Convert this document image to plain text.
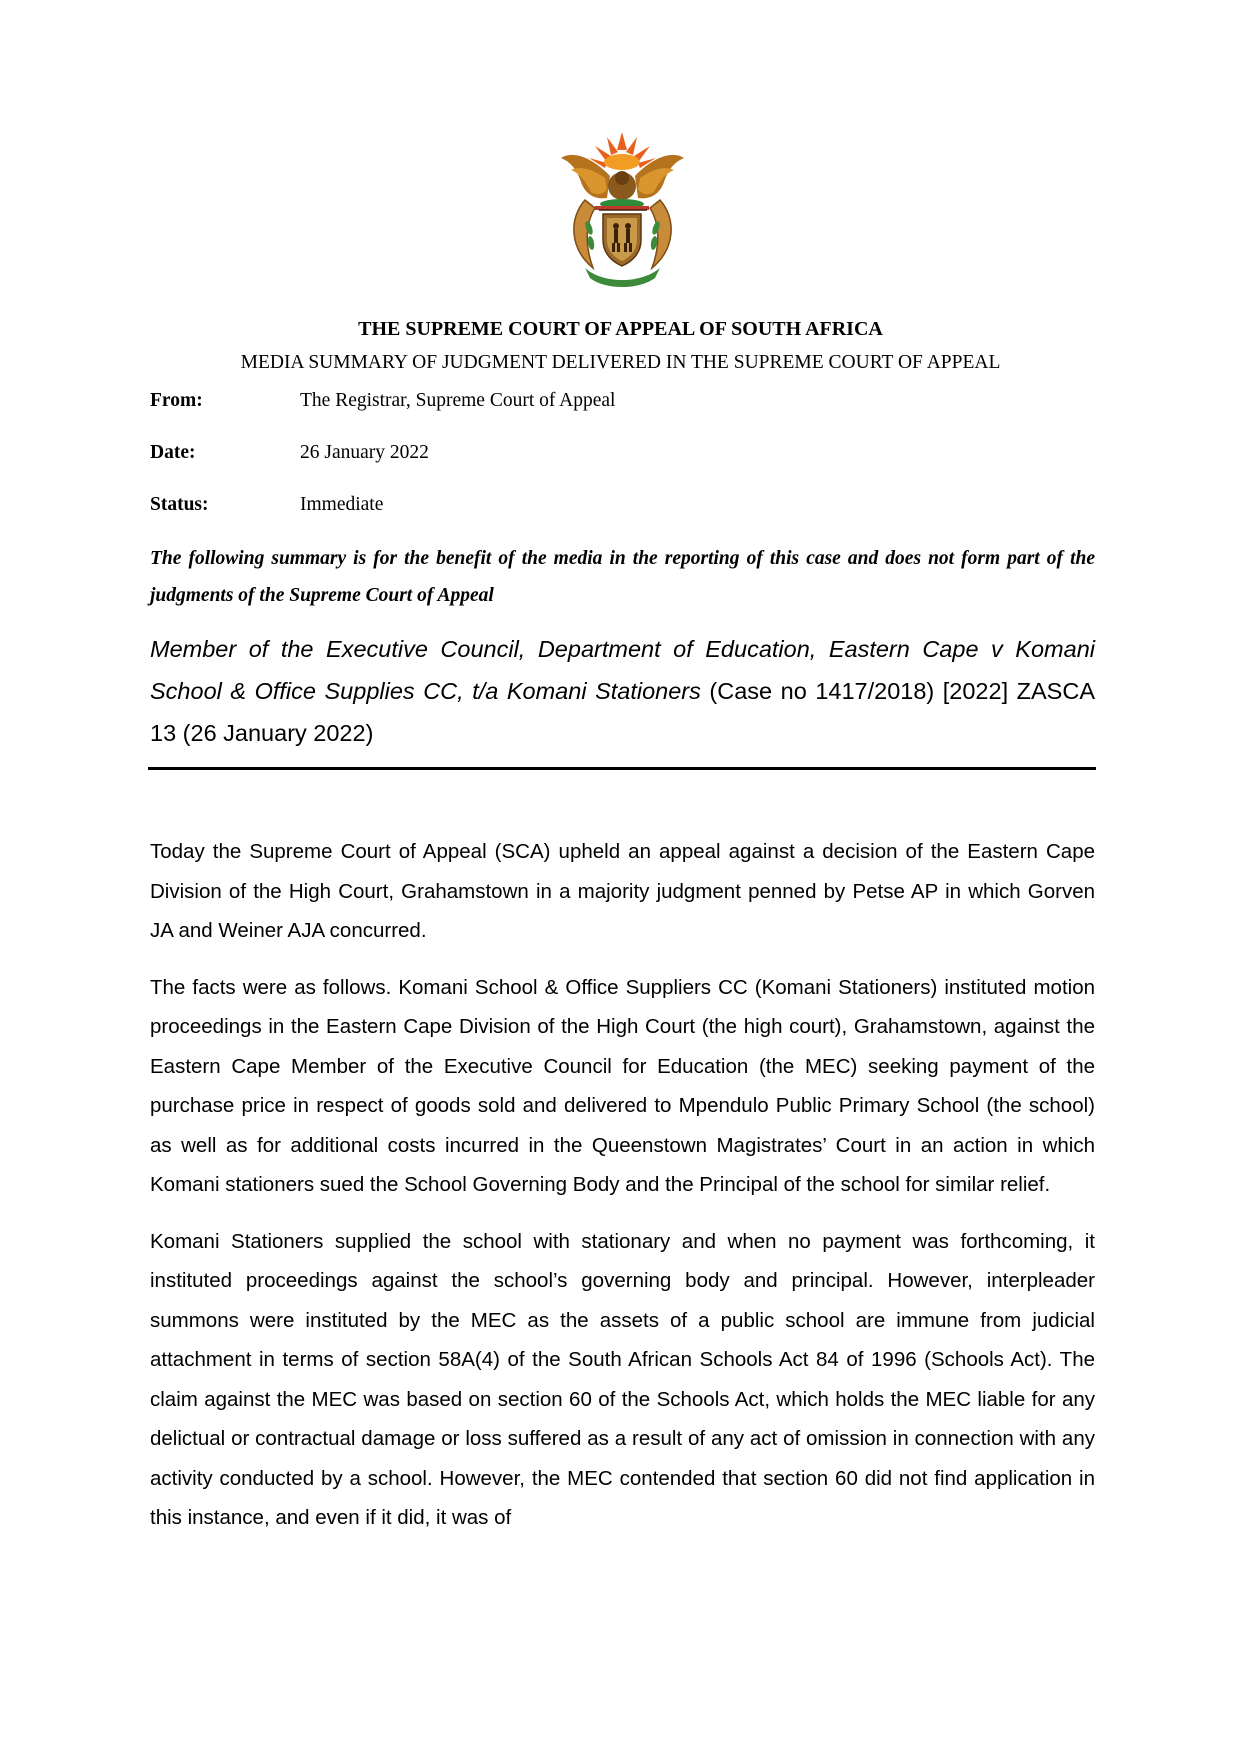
THE SUPREME COURT OF APPEAL OF SOUTH AFRICA
MEDIA SUMMARY OF JUDGMENT DELIVERED IN THE SUPREME COURT OF APPEAL
From:	The Registrar, Supreme Court of Appeal
Date:	26 January 2022
Status:	Immediate
The following summary is for the benefit of the media in the reporting of this case and does not form part of the judgments of the Supreme Court of Appeal
Member of the Executive Council, Department of Education, Eastern Cape v Komani School & Office Supplies CC, t/a Komani Stationers (Case no 1417/2018) [2022] ZASCA 13 (26 January 2022)

Today the Supreme Court of Appeal (SCA) upheld an appeal against a decision of the Eastern Cape Division of the High Court, Grahamstown in a majority judgment penned by Petse AP in which Gorven JA and Weiner AJA concurred.

The facts were as follows. Komani School & Office Suppliers CC (Komani Stationers) instituted motion proceedings in the Eastern Cape Division of the High Court (the high court), Grahamstown, against the Eastern Cape Member of the Executive Council for Education (the MEC) seeking payment of the purchase price in respect of goods sold and delivered to Mpendulo Public Primary School (the school) as well as for additional costs incurred in the Queenstown Magistrates’ Court in an action in which Komani stationers sued the School Governing Body and the Principal of the school for similar relief.

Komani Stationers supplied the school with stationary and when no payment was forthcoming, it instituted proceedings against the school’s governing body and principal. However, interpleader summons were instituted by the MEC as the assets of a public school are immune from judicial attachment in terms of section 58A(4) of the South African Schools Act 84 of 1996 (Schools Act). The claim against the MEC was based on section 60 of the Schools Act, which holds the MEC liable for any delictual or contractual damage or loss suffered as a result of any act of omission in connection with any activity conducted by a school. However, the MEC contended that section 60 did not find application in this instance, and even if it did, it was of
